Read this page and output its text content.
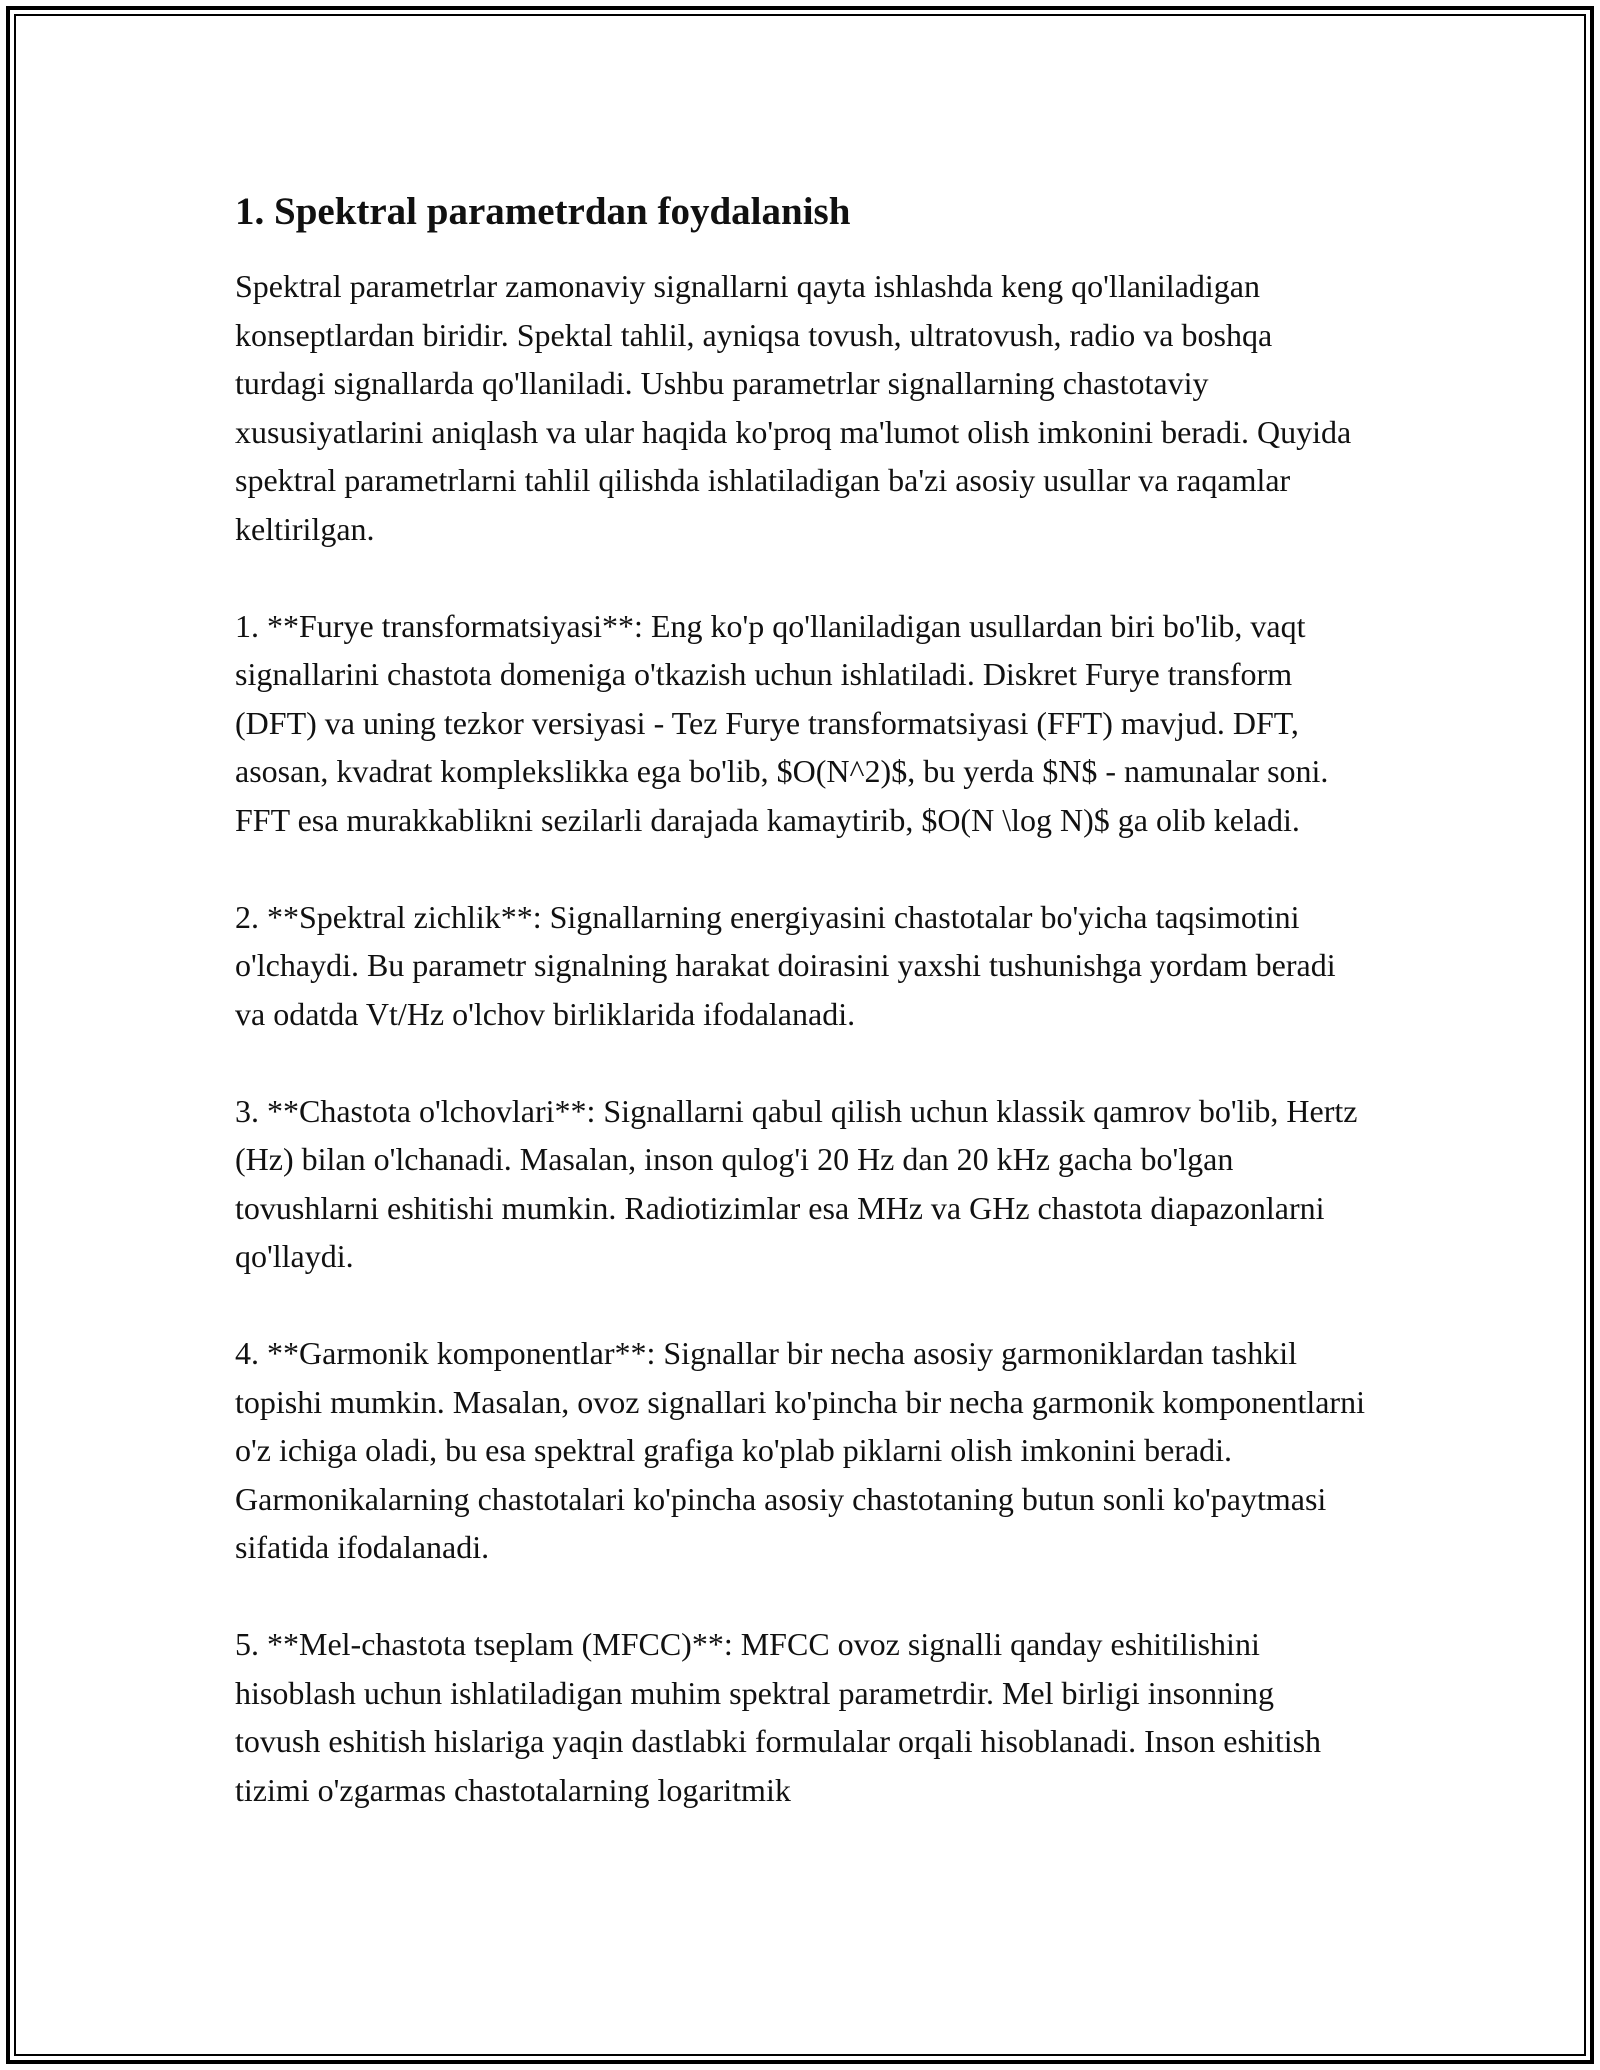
1. Spektral parametrdan foydalanish

Spektral parametrlar zamonaviy signallarni qayta ishlashda keng qo'llaniladigan konseptlardan biridir. Spektal tahlil, ayniqsa tovush, ultratovush, radio va boshqa turdagi signallarda qo'llaniladi. Ushbu parametrlar signallarning chastotaviy xususiyatlarini aniqlash va ular haqida ko'proq ma'lumot olish imkonini beradi. Quyida spektral parametrlarni tahlil qilishda ishlatiladigan ba'zi asosiy usullar va raqamlar keltirilgan.

1. **Furye transformatsiyasi**: Eng ko'p qo'llaniladigan usullardan biri bo'lib, vaqt signallarini chastota domeniga o'tkazish uchun ishlatiladi. Diskret Furye transform (DFT) va uning tezkor versiyasi - Tez Furye transformatsiyasi (FFT) mavjud. DFT, asosan, kvadrat komplekslikka ega bo'lib, $O(N^2)$, bu yerda $N$ - namunalar soni. FFT esa murakkablikni sezilarli darajada kamaytirib, $O(N \log N)$ ga olib keladi.

2. **Spektral zichlik**: Signallarning energiyasini chastotalar bo'yicha taqsimotini o'lchaydi. Bu parametr signalning harakat doirasini yaxshi tushunishga yordam beradi va odatda Vt/Hz o'lchov birliklarida ifodalanadi.

3. **Chastota o'lchovlari**: Signallarni qabul qilish uchun klassik qamrov bo'lib, Hertz (Hz) bilan o'lchanadi. Masalan, inson qulog'i 20 Hz dan 20 kHz gacha bo'lgan tovushlarni eshitishi mumkin. Radiotizimlar esa MHz va GHz chastota diapazonlarni qo'llaydi.

4. **Garmonik komponentlar**: Signallar bir necha asosiy garmoniklardan tashkil topishi mumkin. Masalan, ovoz signallari ko'pincha bir necha garmonik komponentlarni o'z ichiga oladi, bu esa spektral grafiga ko'plab piklarni olish imkonini beradi. Garmonikalarning chastotalari ko'pincha asosiy chastotaning butun sonli ko'paytmasi sifatida ifodalanadi.

5. **Mel-chastota tseplam (MFCC)**: MFCC ovoz signalli qanday eshitilishini hisoblash uchun ishlatiladigan muhim spektral parametrdir. Mel birligi insonning tovush eshitish hislariga yaqin dastlabki formulalar orqali hisoblanadi. Inson eshitish tizimi o'zgarmas chastotalarning logaritmik
